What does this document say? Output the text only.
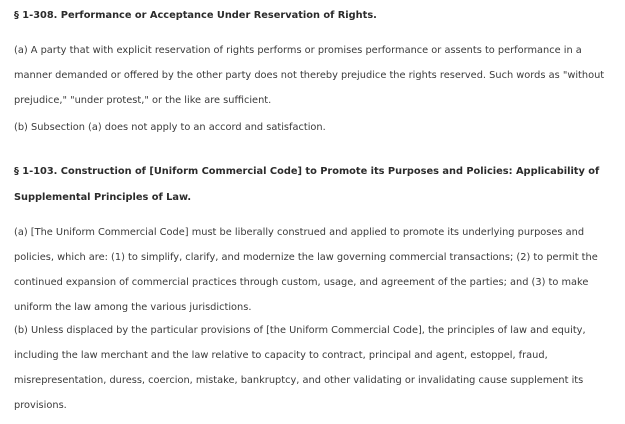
§ 1-308. Performance or Acceptance Under Reservation of Rights.

(a) A party that with explicit reservation of rights performs or promises performance or assents to performance in a
manner demanded or offered by the other party does not thereby prejudice the rights reserved. Such words as "without
prejudice," "under protest," or the like are sufficient.

(b) Subsection (a) does not apply to an accord and satisfaction.

§ 1-103. Construction of [Uniform Commercial Code] to Promote its Purposes and Policies: Applicability of
Supplemental Principles of Law.

(a) [The Uniform Commercial Code] must be liberally construed and applied to promote its underlying purposes and
policies, which are: (1) to simplify, clarify, and modernize the law governing commercial transactions; (2) to permit the
continued expansion of commercial practices through custom, usage, and agreement of the parties; and (3) to make
uniform the law among the various jurisdictions.

(b) Unless displaced by the particular provisions of [the Uniform Commercial Code], the principles of law and equity,
including the law merchant and the law relative to capacity to contract, principal and agent, estoppel, fraud,
misrepresentation, duress, coercion, mistake, bankruptcy, and other validating or invalidating cause supplement its
provisions.
